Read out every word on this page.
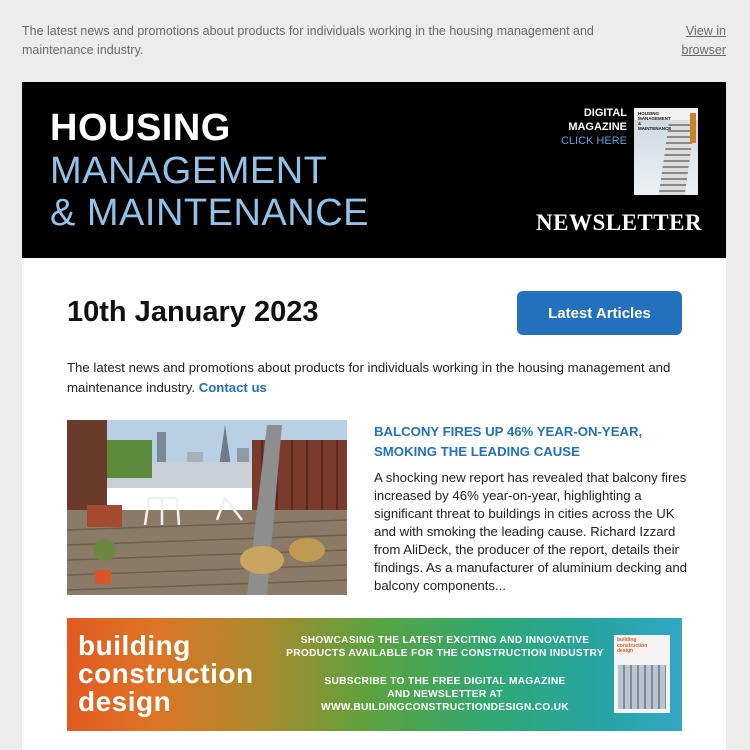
The latest news and promotions about products for individuals working in the housing management and maintenance industry.
View in browser
HOUSING
MANAGEMENT
& MAINTENANCE
DIGITAL MAGAZINE
CLICK HERE
HOUSING MANAGEMENT & MAINTENANCE
NEWSLETTER
10th January 2023	Latest Articles
The latest news and promotions about products for individuals working in the housing management and maintenance industry. Contact us
BALCONY FIRES UP 46% YEAR-ON-YEAR, SMOKING THE LEADING CAUSE
A shocking new report has revealed that balcony fires increased by 46% year-on-year, highlighting a significant threat to buildings in cities across the UK and with smoking the leading cause. Richard Izzard from AliDeck, the producer of the report, details their findings. As a manufacturer of aluminium decking and balcony components...
building
construction
design
SHOWCASING THE LATEST EXCITING AND INNOVATIVE
PRODUCTS AVAILABLE FOR THE CONSTRUCTION INDUSTRY
SUBSCRIBE TO THE FREE DIGITAL MAGAZINE
AND NEWSLETTER AT
WWW.BUILDINGCONSTRUCTIONDESIGN.CO.UK
building construction design
